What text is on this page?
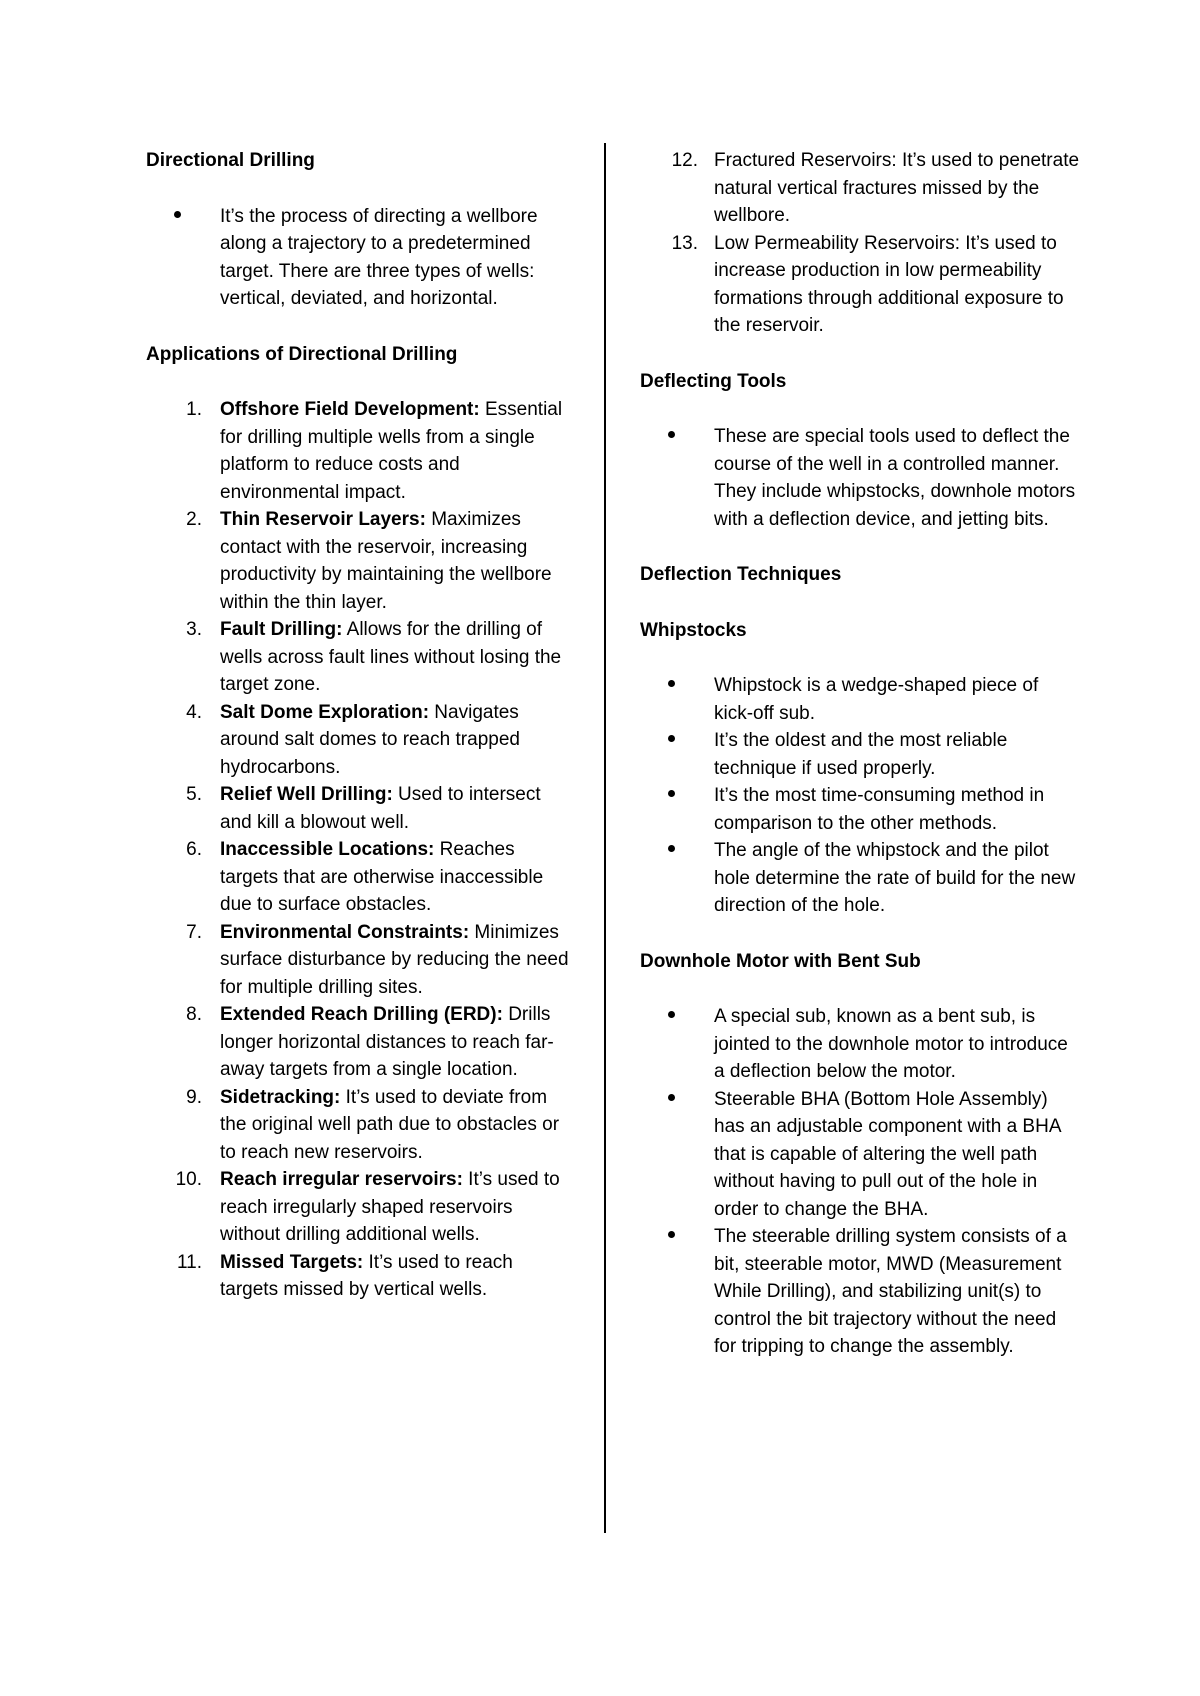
Directional Drilling
It’s the process of directing a wellbore along a trajectory to a predetermined target. There are three types of wells: vertical, deviated, and horizontal.
Applications of Directional Drilling
1. Offshore Field Development: Essential for drilling multiple wells from a single platform to reduce costs and environmental impact.
2. Thin Reservoir Layers: Maximizes contact with the reservoir, increasing productivity by maintaining the wellbore within the thin layer.
3. Fault Drilling: Allows for the drilling of wells across fault lines without losing the target zone.
4. Salt Dome Exploration: Navigates around salt domes to reach trapped hydrocarbons.
5. Relief Well Drilling: Used to intersect and kill a blowout well.
6. Inaccessible Locations: Reaches targets that are otherwise inaccessible due to surface obstacles.
7. Environmental Constraints: Minimizes surface disturbance by reducing the need for multiple drilling sites.
8. Extended Reach Drilling (ERD): Drills longer horizontal distances to reach far-away targets from a single location.
9. Sidetracking: It’s used to deviate from the original well path due to obstacles or to reach new reservoirs.
10. Reach irregular reservoirs: It’s used to reach irregularly shaped reservoirs without drilling additional wells.
11. Missed Targets: It’s used to reach targets missed by vertical wells.
12. Fractured Reservoirs: It’s used to penetrate natural vertical fractures missed by the wellbore.
13. Low Permeability Reservoirs: It’s used to increase production in low permeability formations through additional exposure to the reservoir.
Deflecting Tools
These are special tools used to deflect the course of the well in a controlled manner. They include whipstocks, downhole motors with a deflection device, and jetting bits.
Deflection Techniques
Whipstocks
Whipstock is a wedge-shaped piece of kick-off sub.
It’s the oldest and the most reliable technique if used properly.
It’s the most time-consuming method in comparison to the other methods.
The angle of the whipstock and the pilot hole determine the rate of build for the new direction of the hole.
Downhole Motor with Bent Sub
A special sub, known as a bent sub, is jointed to the downhole motor to introduce a deflection below the motor.
Steerable BHA (Bottom Hole Assembly) has an adjustable component with a BHA that is capable of altering the well path without having to pull out of the hole in order to change the BHA.
The steerable drilling system consists of a bit, steerable motor, MWD (Measurement While Drilling), and stabilizing unit(s) to control the bit trajectory without the need for tripping to change the assembly.
